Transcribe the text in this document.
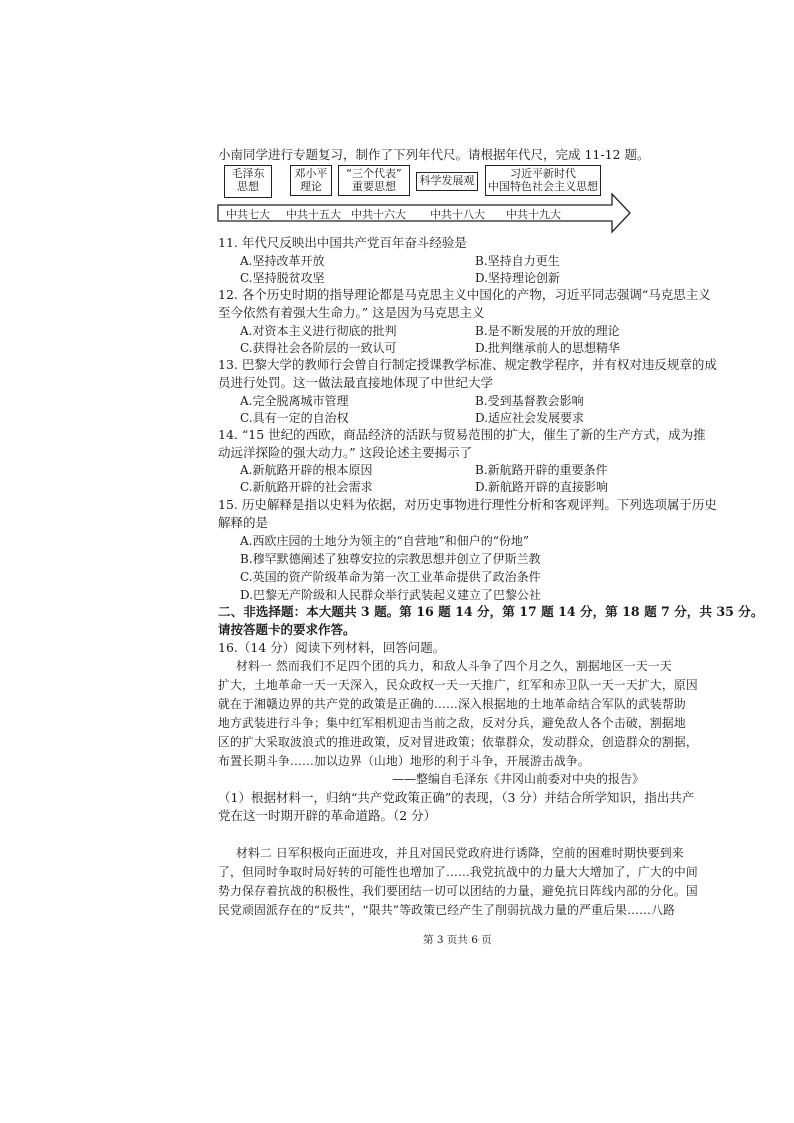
小南同学进行专题复习，制作了下列年代尺。请根据年代尺，完成 11-12 题。
毛泽东
思想
邓小平
理论
“三个代表”
重要思想	科学发展观
习近平新时代
中国特色社会主义思想
中共七大 中共十五大 中共十六大 中共十八大 中共十九大
11. 年代尺反映出中国共产党百年奋斗经验是
A.坚持改革开放	B.坚持自力更生
C.坚持脱贫攻坚	D.坚持理论创新
12. 各个历史时期的指导理论都是马克思主义中国化的产物，习近平同志强调“马克思主义
至今依然有着强大生命力。” 这是因为马克思主义
A.对资本主义进行彻底的批判	B.是不断发展的开放的理论
C.获得社会各阶层的一致认可	D.批判继承前人的思想精华
13. 巴黎大学的教师行会曾自行制定授课教学标准、规定教学程序，并有权对违反规章的成
员进行处罚。这一做法最直接地体现了中世纪大学
A.完全脱离城市管理	B.受到基督教会影响
C.具有一定的自治权	D.适应社会发展要求
14. “15 世纪的西欧，商品经济的活跃与贸易范围的扩大，催生了新的生产方式，成为推
动远洋探险的强大动力。” 这段论述主要揭示了
A.新航路开辟的根本原因	B.新航路开辟的重要条件
C.新航路开辟的社会需求	D.新航路开辟的直接影响
15. 历史解释是指以史料为依据，对历史事物进行理性分析和客观评判。下列选项属于历史
解释的是
A.西欧庄园的土地分为领主的“自营地”和佃户的“份地”
B.穆罕默德阐述了独尊安拉的宗教思想并创立了伊斯兰教
C.英国的资产阶级革命为第一次工业革命提供了政治条件
D.巴黎无产阶级和人民群众举行武装起义建立了巴黎公社
二、非选择题：本大题共 3 题。第 16 题 14 分，第 17 题 14 分，第 18 题 7 分，共 35 分。
请按答题卡的要求作答。
16.（14 分）阅读下列材料，回答问题。
材料一 然而我们不足四个团的兵力，和敌人斗争了四个月之久，割据地区一天一天
扩大，土地革命一天一天深入，民众政权一天一天推广，红军和赤卫队一天一天扩大，原因
就在于湘赣边界的共产党的政策是正确的……深入根据地的土地革命结合军队的武装帮助
地方武装进行斗争；集中红军相机迎击当前之敌，反对分兵，避免敌人各个击破，割据地
区的扩大采取波浪式的推进政策，反对冒进政策；依靠群众，发动群众，创造群众的割据，
布置长期斗争……加以边界（山地）地形的利于斗争，开展游击战争。
——整编自毛泽东《井冈山前委对中央的报告》
（1）根据材料一，归纳“共产党政策正确”的表现，（3 分）并结合所学知识，指出共产
党在这一时期开辟的革命道路。（2 分）
材料二 日军积极向正面进攻，并且对国民党政府进行诱降，空前的困难时期快要到来
了，但同时争取时局好转的可能性也增加了……我党抗战中的力量大大增加了，广大的中间
势力保存着抗战的积极性，我们要团结一切可以团结的力量，避免抗日阵线内部的分化。国
民党顽固派存在的“反共”，“限共”等政策已经产生了削弱抗战力量的严重后果……八路
第 3 页共 6 页
